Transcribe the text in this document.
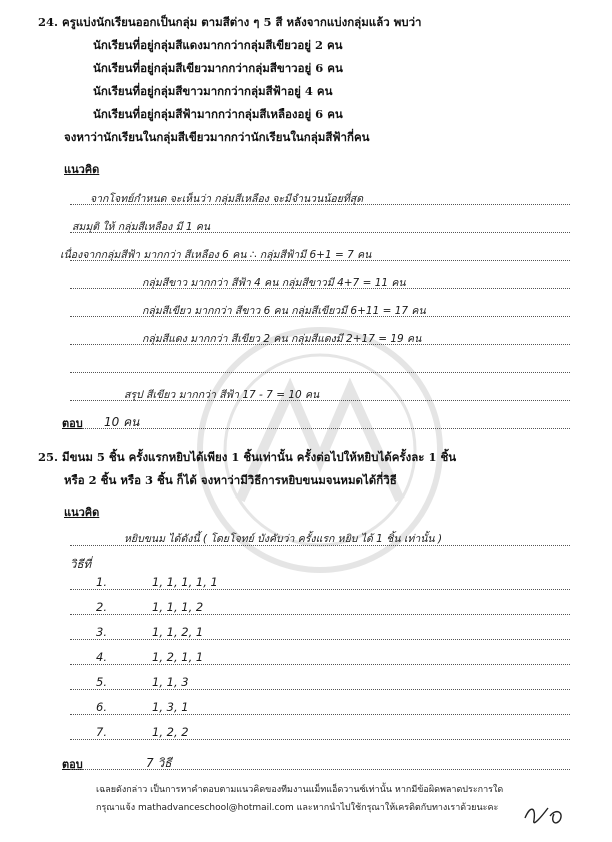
24. ครูแบ่งนักเรียนออกเป็นกลุ่ม ตามสีต่าง ๆ 5 สี หลังจากแบ่งกลุ่มแล้ว พบว่า
นักเรียนที่อยู่กลุ่มสีแดงมากกว่ากลุ่มสีเขียวอยู่ 2 คน
นักเรียนที่อยู่กลุ่มสีเขียวมากกว่ากลุ่มสีขาวอยู่ 6 คน
นักเรียนที่อยู่กลุ่มสีขาวมากกว่ากลุ่มสีฟ้าอยู่ 4 คน
นักเรียนที่อยู่กลุ่มสีฟ้ามากกว่ากลุ่มสีเหลืองอยู่ 6 คน
จงหาว่านักเรียนในกลุ่มสีเขียวมากกว่านักเรียนในกลุ่มสีฟ้ากี่คน
แนวคิด
จากโจทย์กำหนด จะเห็นว่า กลุ่มสีเหลือง จะมีจำนวนน้อยที่สุด
สมมุติ ให้ กลุ่มสีเหลือง มี 1 คน
เนื่องจากกลุ่มสีฟ้า มากกว่า สีเหลือง 6 คน ∴ กลุ่มสีฟ้ามี 6+1 = 7 คน
กลุ่มสีขาว มากกว่า สีฟ้า 4 คน กลุ่มสีขาวมี 4+7 = 11 คน
กลุ่มสีเขียว มากกว่า สีขาว 6 คน กลุ่มสีเขียวมี 6+11 = 17 คน
กลุ่มสีแดง มากกว่า สีเขียว 2 คน กลุ่มสีแดงมี 2+17 = 19 คน
สรุป สีเขียว มากกว่า สีฟ้า 17 - 7 = 10 คน
ตอบ 10 คน
25. มีขนม 5 ชิ้น ครั้งแรกหยิบได้เพียง 1 ชิ้นเท่านั้น ครั้งต่อไปให้หยิบได้ครั้งละ 1 ชิ้น
หรือ 2 ชิ้น หรือ 3 ชิ้น ก็ได้ จงหาว่ามีวิธีการหยิบขนมจนหมดได้กี่วิธี
แนวคิด
หยิบขนม ได้ดังนี้ ( โดยโจทย์ บังคับว่า ครั้งแรก หยิบ ได้ 1 ชิ้น เท่านั้น )
วิธีที่
1.	1, 1, 1, 1, 1
2.	1, 1, 1, 2
3.	1, 1, 2, 1
4.	1, 2, 1, 1
5.	1, 1, 3
6.	1, 3, 1
7.	1, 2, 2
ตอบ	7 วิธี
เฉลยดังกล่าว เป็นการหาคำตอบตามแนวคิดของทีมงานแม็ทแอ็ดวานซ์เท่านั้น หากมีข้อผิดพลาดประการใด
กรุณาแจ้ง mathadvanceschool@hotmail.com และหากนำไปใช้กรุณาให้เครดิตกับทางเราด้วยนะคะ
